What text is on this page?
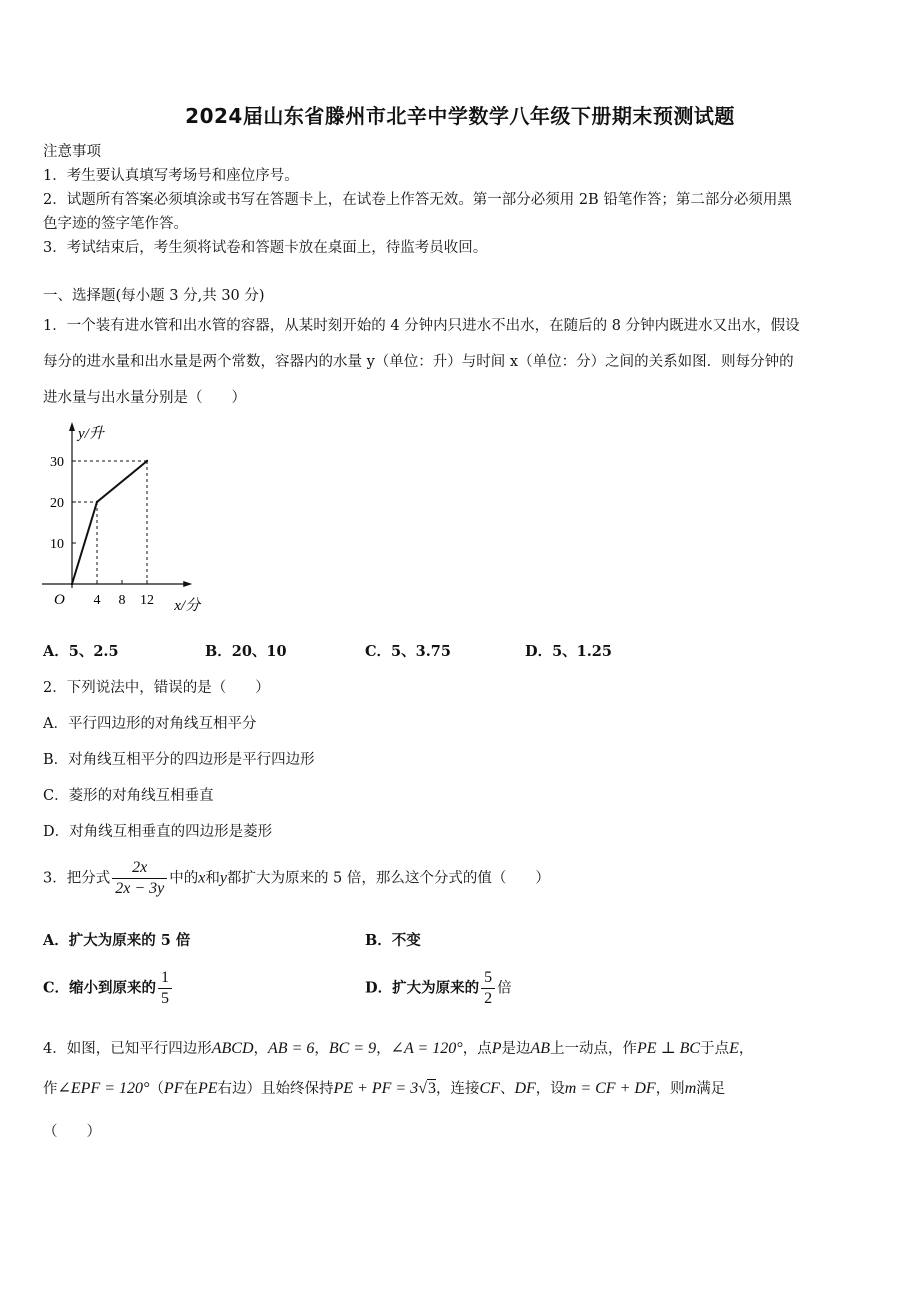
2024届山东省滕州市北辛中学数学八年级下册期末预测试题
注意事项
1．考生要认真填写考场号和座位序号。
2．试题所有答案必须填涂或书写在答题卡上，在试卷上作答无效。第一部分必须用 2B 铅笔作答；第二部分必须用黑
色字迹的签字笔作答。
3．考试结束后，考生须将试卷和答题卡放在桌面上，待监考员收回。
一、选择题(每小题 3 分,共 30 分)
1．一个装有进水管和出水管的容器，从某时刻开始的 4 分钟内只进水不出水，在随后的 8 分钟内既进水又出水，假设
每分的进水量和出水量是两个常数，容器内的水量 y（单位：升）与时间 x（单位：分）之间的关系如图．则每分钟的
进水量与出水量分别是（　　）
y/升
x/分
O 4 8 12
10
20
30
A．5、2.5	B．20、10	C．5、3.75	D．5、1.25
2．下列说法中，错误的是（　　）
A．平行四边形的对角线互相平分
B．对角线互相平分的四边形是平行四边形
C．菱形的对角线互相垂直
D．对角线互相垂直的四边形是菱形
3．把分式 $\frac{2x}{2x - 3y}$ 中的x和y都扩大为原来的 5 倍，那么这个分式的值（　　）
A．扩大为原来的 5 倍	B．不变
C．缩小到原来的 $\frac{1}{5}$	D．扩大为原来的 $\frac{5}{2}$ 倍
4．如图，已知平行四边形ABCD，AB = 6，BC = 9，∠A = 120°，点P是边AB上一动点，作PE ⊥ BC于点E，
作∠EPF = 120°（PF在PE右边）且始终保持PE + PF = 3√3，连接CF、DF，设m = CF + DF，则m满足
（　　）
